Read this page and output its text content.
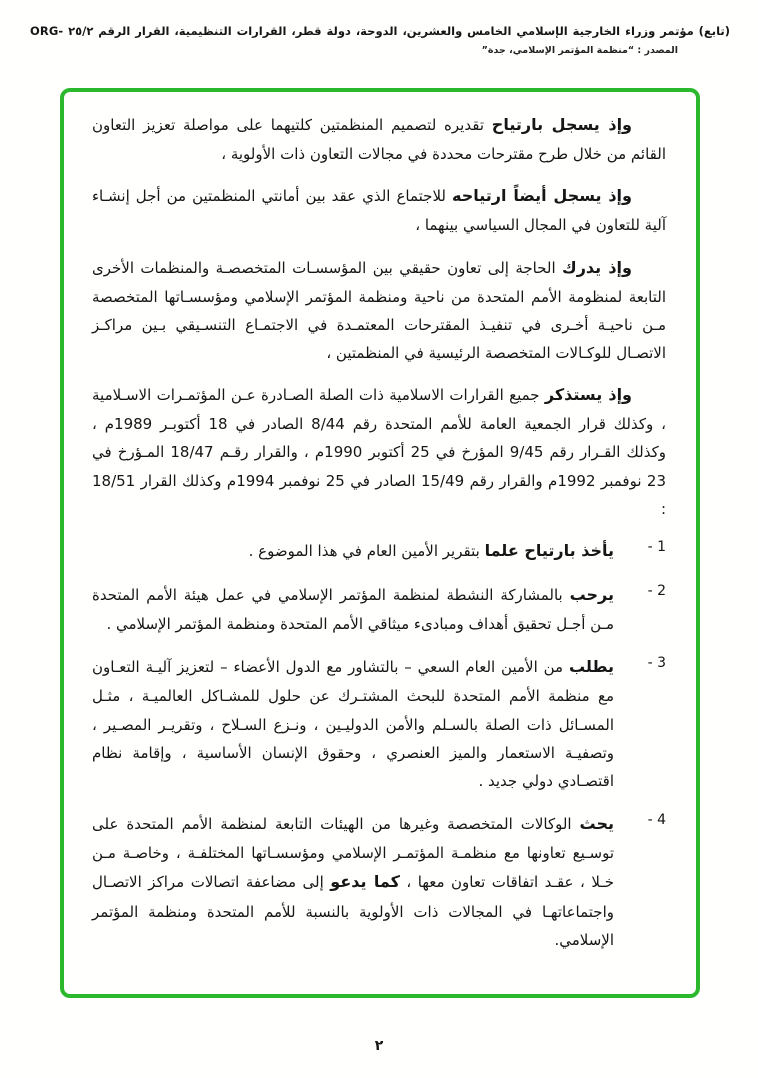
(تابع) مؤتمر وزراء الخارجية الإسلامي الخامس والعشرين، الدوحة، دولة قطر، القرارات التنظيمية، القرار الرقم ٢٥/٢ -ORG
المصدر : “منظمة المؤتمر الإسلامي، جدة”

وإذ يسجل بارتياح تقديره لتصميم المنظمتين كلتيهما على مواصلة تعزيز التعاون القائم من خلال طرح مقترحات محددة في مجالات التعاون ذات الأولوية ،

وإذ يسجل أيضاً ارتياحه للاجتماع الذي عقد بين أمانتي المنظمتين من أجل إنشـاء آلية للتعاون في المجال السياسي بينهما ،

وإذ يدرك الحاجة إلى تعاون حقيقي بين المؤسسـات المتخصصـة والمنظمات الأخرى التابعة لمنظومة الأمم المتحدة من ناحية ومنظمة المؤتمر الإسلامي ومؤسسـاتها المتخصصة مـن ناحيـة أخـرى في تنفيـذ المقترحات المعتمـدة في الاجتمـاع التنسـيقي بـين مراكـز الاتصـال للوكـالات المتخصصة الرئيسية في المنظمتين ،

وإذ يستذكر جميع القرارات الاسلامية ذات الصلة الصـادرة عـن المؤتمـرات الاسـلامية ، وكذلك قرار الجمعية العامة للأمم المتحدة رقم 8/44 الصادر في 18 أكتوبـر 1989م ، وكذلك القـرار رقم 9/45 المؤرخ في 25 أكتوبر 1990م ، والقرار رقـم 18/47 المـؤرخ في 23 نوفمبر 1992م والقرار رقم 15/49 الصادر في 25 نوفمبر 1994م وكذلك القرار 18/51 :

1 -
يأخذ بارتياح علما بتقرير الأمين العام في هذا الموضوع .
2 -
يرحب بالمشاركة النشطة لمنظمة المؤتمر الإسلامي في عمل هيئة الأمم المتحدة مـن أجـل تحقيق أهداف ومبادىء ميثاقي الأمم المتحدة ومنظمة المؤتمر الإسلامي .
3 -
يطلب من الأمين العام السعي – بالتشاور مع الدول الأعضاء – لتعزيز آليـة التعـاون مع منظمة الأمم المتحدة للبحث المشتـرك عن حلول للمشـاكل العالميـة ، مثـل المسـائل ذات الصلة بالسـلم والأمن الدوليـين ، ونـزع السـلاح ، وتقريـر المصـير ، وتصفيـة الاستعمار والميز العنصري ، وحقوق الإنسان الأساسية ، وإقامة نظام اقتصـادي دولي جديد .
4 -
يحث الوكالات المتخصصة وغيرها من الهيئات التابعة لمنظمة الأمم المتحدة على توسـيع تعاونها مع منظمـة المؤتمـر الإسلامي ومؤسسـاتها المختلفـة ، وخاصـة مـن خـلا ، عقـد اتفاقات تعاون معها ، كما يدعو إلى مضاعفة اتصالات مراكز الاتصـال واجتماعاتهـا في المجالات ذات الأولوية بالنسبة للأمم المتحدة ومنظمة المؤتمر الإسلامي.
٢
